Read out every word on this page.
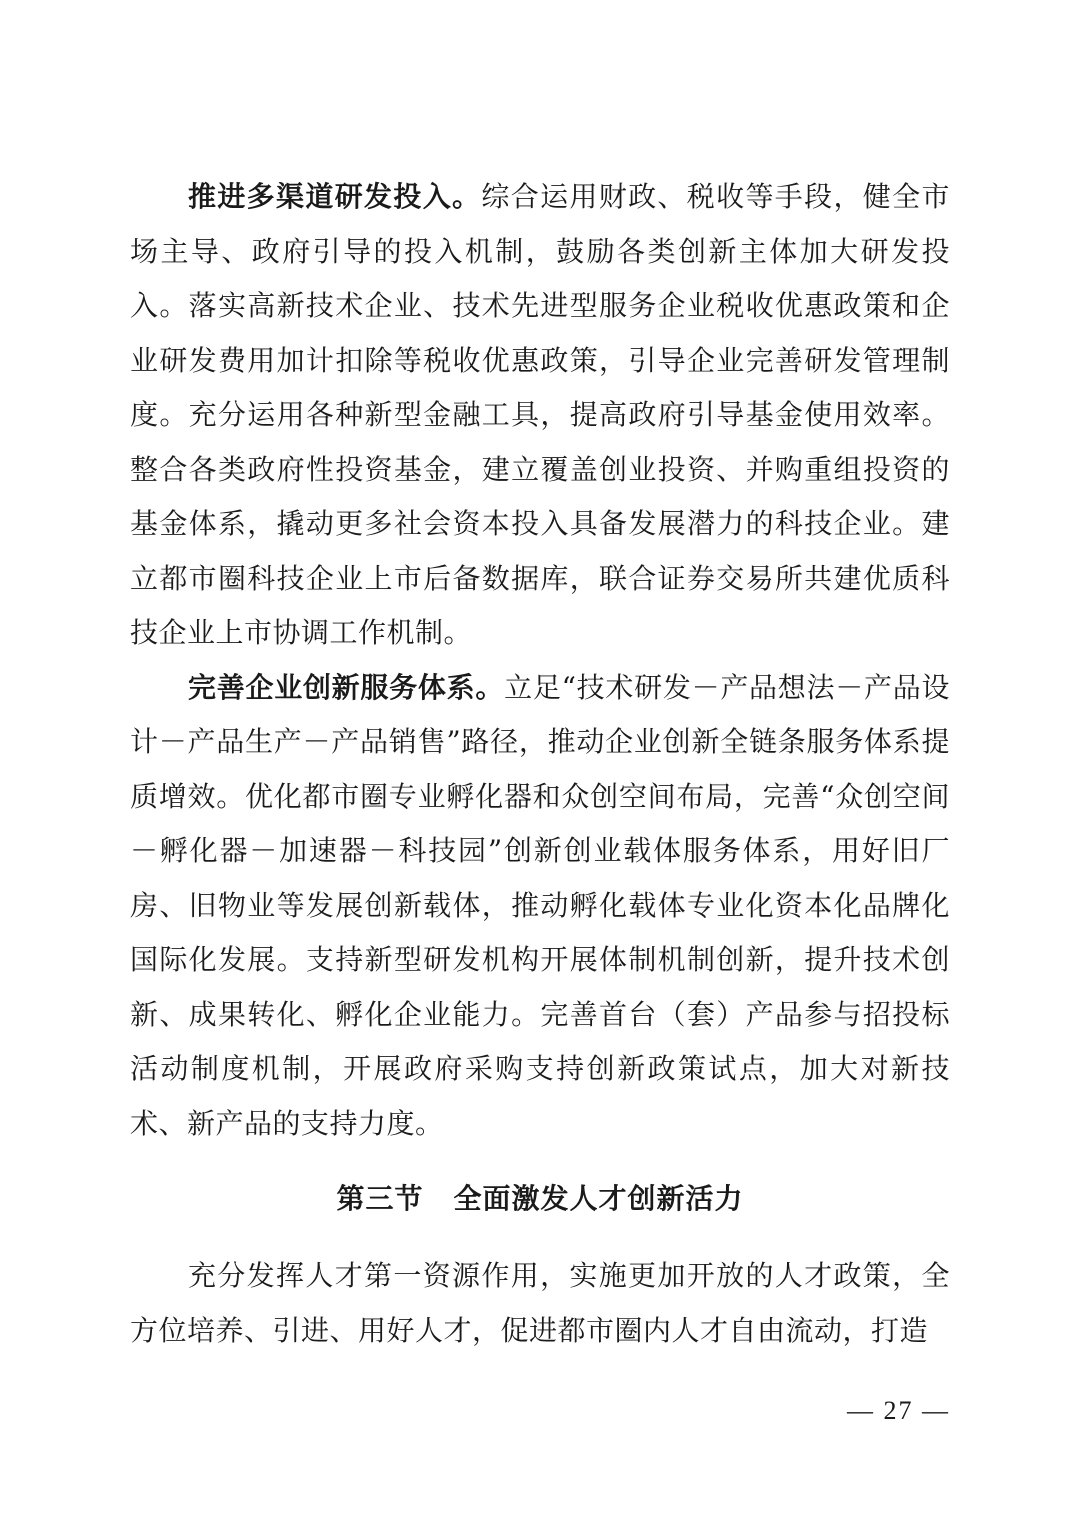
推进多渠道研发投入。综合运用财政、税收等手段，健全市场主导、政府引导的投入机制，鼓励各类创新主体加大研发投入。落实高新技术企业、技术先进型服务企业税收优惠政策和企业研发费用加计扣除等税收优惠政策，引导企业完善研发管理制度。充分运用各种新型金融工具，提高政府引导基金使用效率。整合各类政府性投资基金，建立覆盖创业投资、并购重组投资的基金体系，撬动更多社会资本投入具备发展潜力的科技企业。建立都市圈科技企业上市后备数据库，联合证券交易所共建优质科技企业上市协调工作机制。

完善企业创新服务体系。立足“技术研发－产品想法－产品设计－产品生产－产品销售”路径，推动企业创新全链条服务体系提质增效。优化都市圈专业孵化器和众创空间布局，完善“众创空间－孵化器－加速器－科技园”创新创业载体服务体系，用好旧厂房、旧物业等发展创新载体，推动孵化载体专业化资本化品牌化国际化发展。支持新型研发机构开展体制机制创新，提升技术创新、成果转化、孵化企业能力。完善首台（套）产品参与招投标活动制度机制，开展政府采购支持创新政策试点，加大对新技术、新产品的支持力度。

第三节 全面激发人才创新活力

充分发挥人才第一资源作用，实施更加开放的人才政策，全方位培养、引进、用好人才，促进都市圈内人才自由流动，打造

— 27 —
